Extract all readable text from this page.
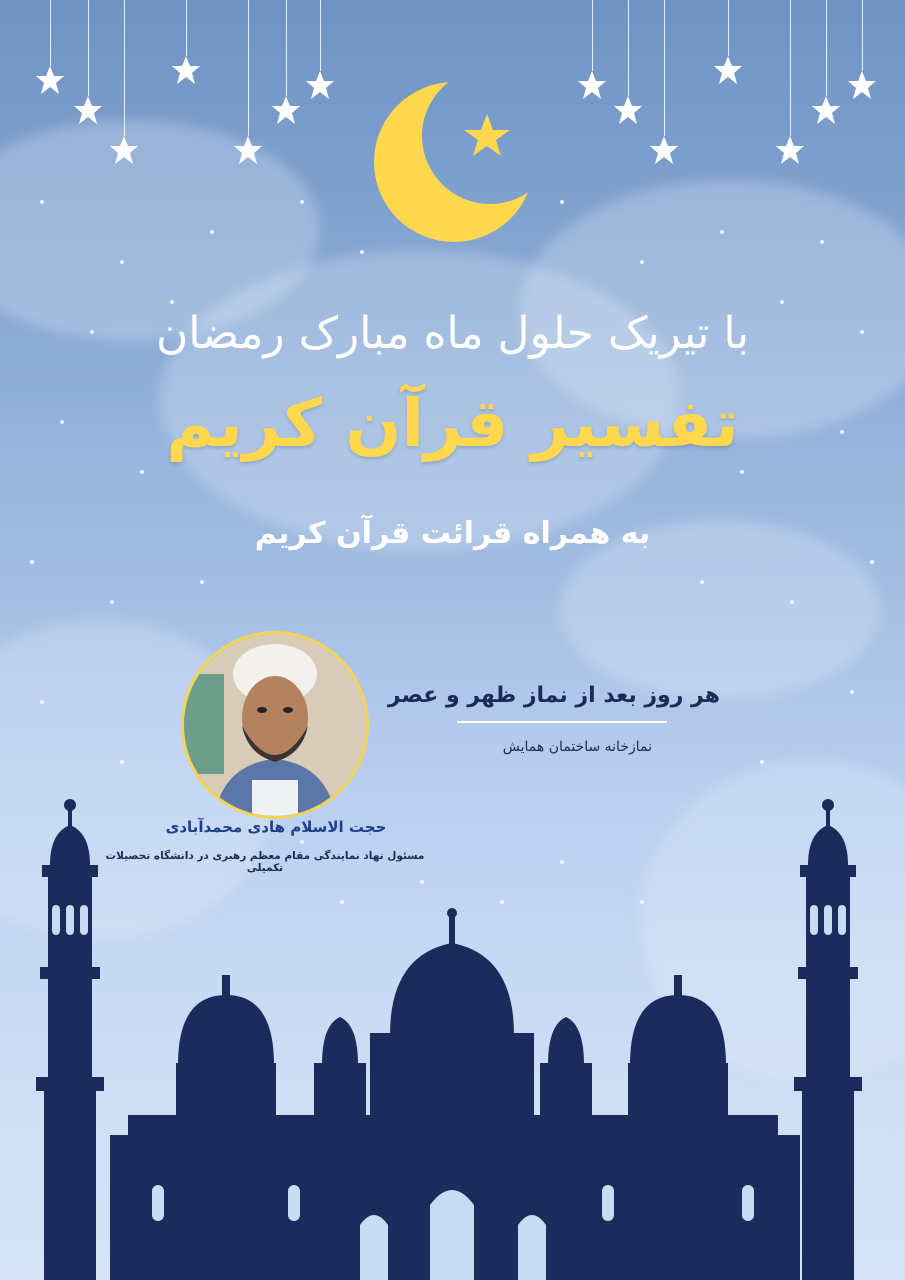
با تیریک حلول ماه مبارک رمضان
تفسیر قرآن کریم
به همراه قرائت قرآن کریم
حجت الاسلام هادی محمدآبادی
مسئول نهاد نمایندگی مقام معظم رهبری در دانشگاه تحصیلات تکمیلی
هر روز بعد از نماز ظهر و عصر
نمازخانه ساختمان همایش
